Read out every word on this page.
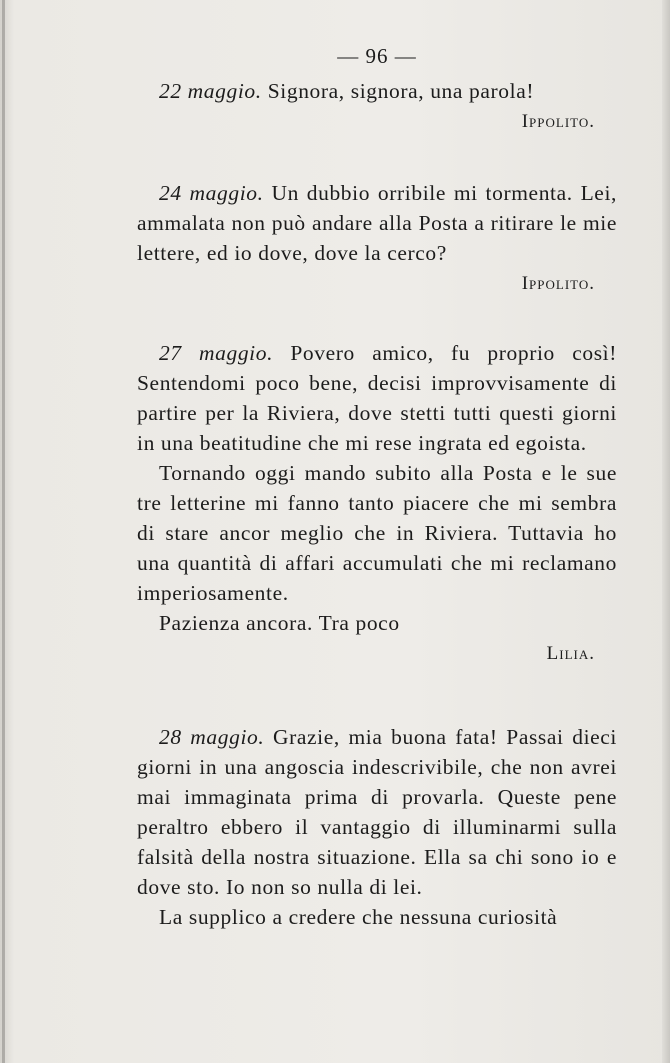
— 96 —

22 maggio. Signora, signora, una parola!

Ippolito.

24 maggio. Un dubbio orribile mi tormenta. Lei, ammalata non può andare alla Posta a ritirare le mie lettere, ed io dove, dove la cerco?

Ippolito.

27 maggio. Povero amico, fu proprio così! Sentendomi poco bene, decisi improvvisamente di partire per la Riviera, dove stetti tutti questi giorni in una beatitudine che mi rese ingrata ed egoista.

Tornando oggi mando subito alla Posta e le sue tre letterine mi fanno tanto piacere che mi sembra di stare ancor meglio che in Riviera. Tuttavia ho una quantità di affari accumulati che mi reclamano imperiosamente.

Pazienza ancora. Tra poco

Lilia.

28 maggio. Grazie, mia buona fata! Passai dieci giorni in una angoscia indescrivibile, che non avrei mai immaginata prima di provarla. Queste pene peraltro ebbero il vantaggio di illuminarmi sulla falsità della nostra situazione. Ella sa chi sono io e dove sto. Io non so nulla di lei.

La supplico a credere che nessuna curiosità
